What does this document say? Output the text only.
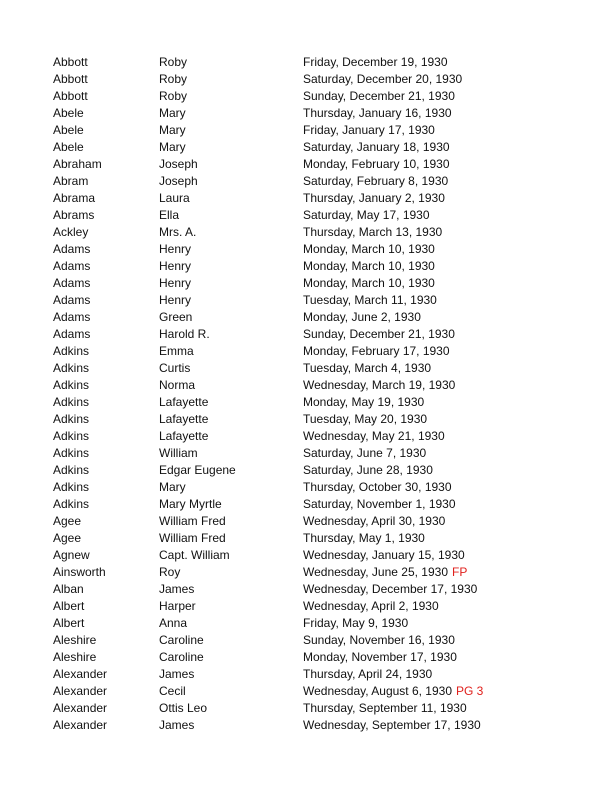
Abbott	Roby	Friday, December 19, 1930
Abbott	Roby	Saturday, December 20, 1930
Abbott	Roby	Sunday, December 21, 1930
Abele	Mary	Thursday, January 16, 1930
Abele	Mary	Friday, January 17, 1930
Abele	Mary	Saturday, January 18, 1930
Abraham	Joseph	Monday, February 10, 1930
Abram	Joseph	Saturday, February 8, 1930
Abrama	Laura	Thursday, January 2, 1930
Abrams	Ella	Saturday, May 17, 1930
Ackley	Mrs. A.	Thursday, March 13, 1930
Adams	Henry	Monday, March 10, 1930
Adams	Henry	Monday, March 10, 1930
Adams	Henry	Monday, March 10, 1930
Adams	Henry	Tuesday, March 11, 1930
Adams	Green	Monday, June 2, 1930
Adams	Harold R.	Sunday, December 21, 1930
Adkins	Emma	Monday, February 17, 1930
Adkins	Curtis	Tuesday, March 4, 1930
Adkins	Norma	Wednesday, March 19, 1930
Adkins	Lafayette	Monday, May 19, 1930
Adkins	Lafayette	Tuesday, May 20, 1930
Adkins	Lafayette	Wednesday, May 21, 1930
Adkins	William	Saturday, June 7, 1930
Adkins	Edgar Eugene	Saturday, June 28, 1930
Adkins	Mary	Thursday, October 30, 1930
Adkins	Mary Myrtle	Saturday, November 1, 1930
Agee	William Fred	Wednesday, April 30, 1930
Agee	William Fred	Thursday, May 1, 1930
Agnew	Capt. William	Wednesday, January 15, 1930
Ainsworth	Roy	Wednesday, June 25, 1930 FP
Alban	James	Wednesday, December 17, 1930
Albert	Harper	Wednesday, April 2, 1930
Albert	Anna	Friday, May 9, 1930
Aleshire	Caroline	Sunday, November 16, 1930
Aleshire	Caroline	Monday, November 17, 1930
Alexander	James	Thursday, April 24, 1930
Alexander	Cecil	Wednesday, August 6, 1930 PG 3
Alexander	Ottis Leo	Thursday, September 11, 1930
Alexander	James	Wednesday, September 17, 1930
